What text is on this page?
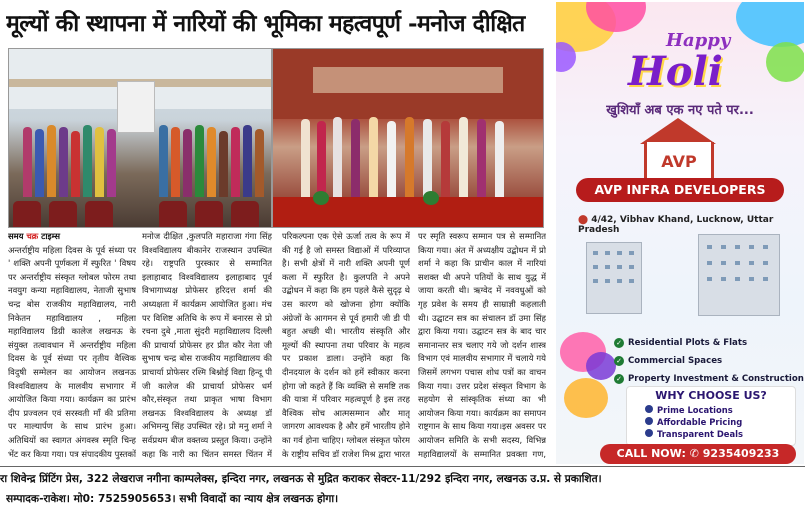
मूल्यों की स्थापना में नारियों की भूमिका महत्वपूर्ण -मनोज दीक्षित
समय चक्र टाइम्स
अन्तर्राष्ट्रीय महिला दिवस के पूर्व संध्या पर ' शक्ति अपनी पूर्णकला में स्फुरित ' विषय पर अन्तर्राष्ट्रीय संस्कृत ग्लोबल फोरम तथा नवयुग कन्या महाविद्यालय, नेताजी सुभाष चन्द्र बोस राजकीय महाविद्यालय, नारी निकेतन महाविद्यालय , महिला महाविद्यालय डिग्री कालेज लखनऊ के संयुक्त तत्वावधान में अन्तर्राष्ट्रीय महिला दिवस के पूर्व संध्या पर तृतीय वैश्विक विदुषी सम्मेलन का आयोजन लखनऊ विश्वविद्यालय के मालवीय सभागार में आयोजित किया गया। कार्यक्रम का प्रारंभ दीप प्रज्वलन एवं सरस्वती माँ की प्रतिमा पर माल्यार्पण के साथ प्रारंभ हुआ। अतिथियों का स्वागत अंगवस्त्र स्मृति चिन्ह भेंट कर किया गया। पत्र संपादकीय पुस्तकों
मनोज दीक्षित ,कुलपति महाराजा गंगा सिंह विश्वविद्यालय बीकानेर राजस्थान उपस्थित रहे। राष्ट्रपति पुरस्कार से सम्मानित इलाहाबाद विश्वविद्यालय इलाहाबाद पूर्व विभागाध्यक्ष प्रोफेसर हरिदत्त शर्मा की अध्यक्षता में कार्यक्रम आयोजित हुआ। मंच पर विशिष्ट अतिथि के रूप में बनारस से प्रो रचना दुबे ,माता सुंदरी महाविद्यालय दिल्ली की प्राचार्या प्रोफेसर हर प्रीत कौर नेता जी सुभाष चन्द्र बोस राजकीय महाविद्यालय की प्राचार्या प्रोफेसर रश्मि बिश्नोई विद्या हिन्दू पी जी कालेज की प्राचार्या प्रोफेसर धर्म कौर,संस्कृत तथा प्राकृत भाषा विभाग लखनऊ विश्वविद्यालय के अध्यक्ष डॉ अभिमन्यु सिंह उपस्थित रहे। प्रो मनु शर्मा ने सर्वप्रथम बीज वक्तव्य प्रस्तुत किया। उन्होंने कहा कि नारी का चिंतन समस्त चिंतन में
परिकल्पना एक ऐसे ऊर्जा तत्व के रूप में की गई है जो समस्त विद्याओं में परिव्याप्त है। सभी क्षेत्रों में नारी शक्ति अपनी पूर्ण कला में स्फुरित है। कुलपति ने अपने उद्बोधन में कहा कि हम पहले कैसे सुदृढ़ थे उस कारण को खोजना होगा क्योंकि अंग्रेजों के आगमन से पूर्व हमारी जी डी पी बहुत अच्छी थी। भारतीय संस्कृति और मूल्यों की स्थापना तथा परिवार के महत्व पर प्रकाश डाला। उन्होंने कहा कि दीनदयाल के दर्शन को हमें स्वीकार करना होगा जो कहते हैं कि व्यक्ति से समष्टि तक की यात्रा में परिवार महत्वपूर्ण है इस तरह वैश्विक सोच आत्मसम्मान और मातृ जागरण आवश्यक है और हमें भारतीय होने का गर्व होना चाहिए। ग्लोबल संस्कृत फोरम के राष्ट्रीय सचिव डॉ राजेश मिश्र द्वारा भारत
पर स्मृति स्वरूप सम्मान पत्र से सम्मानित किया गया। अंत में अध्यक्षीय उद्बोधन में प्रो शर्मा ने कहा कि प्राचीन काल में नारियां सशक्त थी अपने पतियों के साथ युद्ध में जाया करती थी। ऋग्वेद में नववधुओं को गृह प्रवेश के समय ही साम्राज्ञी कहलाती थी। उद्घाटन सत्र का संचालन डॉ उमा सिंह द्वारा किया गया। उद्घाटन सत्र के बाद चार समानान्तर सत्र चलाए गये जो दर्शन शास्त्र विभाग एवं मालवीय सभागार में चलाये गये जिसमें लगभग पचास शोध पत्रों का वाचन किया गया। उत्तर प्रदेश संस्कृत विभाग के सहयोग से सांस्कृतिक संध्या का भी आयोजन किया गया। कार्यक्रम का समापन राष्ट्रगान के साथ किया गया।इस अवसर पर आयोजन समिति के सभी सदस्य, विभिन्न महाविद्यालयों के सम्मानित प्रवक्ता गण,
Happy
Holi
खुशियाँ अब एक नए पते पर...
AVP
AVP INFRA DEVELOPERS
⬤ 4/42, Vibhav Khand, Lucknow, Uttar Pradesh
✓ Residential Plots & Flats
✓ Commercial Spaces
✓ Property Investment & Construction
WHY CHOOSE US?
Prime Locations
Affordable Pricing
Transparent Deals
CALL NOW: ✆ 9235409233
रा शिवेन्द्र प्रिंटिंग प्रेस, 322 लेखराज नगीना काम्पलेक्स, इन्दिरा नगर, लखनऊ से मुद्रित कराकर सेक्टर-11/292 इन्दिरा नगर, लखनऊ उ.प्र. से प्रकाशित।
सम्पादक-राकेश। मो0: 7525905653। सभी विवादों का न्याय क्षेत्र लखनऊ होगा।
